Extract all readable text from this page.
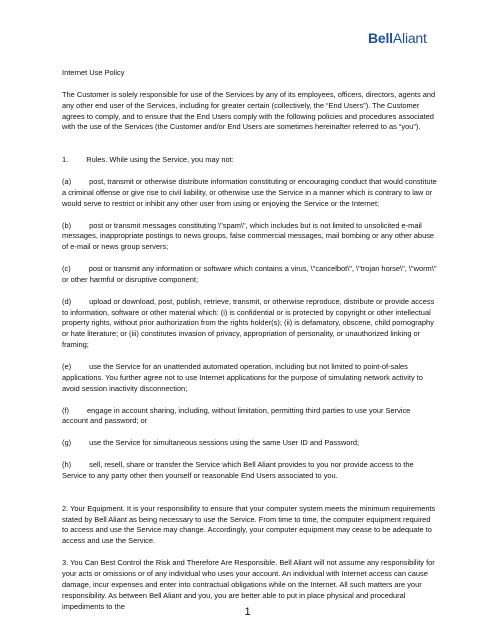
Bell Aliant

Internet Use Policy

The Customer is solely responsible for use of the Services by any of its employees, officers, directors, agents and any other end user of the Services, including for greater certain (collectively, the “End Users”). The Customer agrees to comply, and to ensure that the End Users comply with the following policies and procedures associated with the use of the Services (the Customer and/or End Users are sometimes hereinafter referred to as “you”).

1. Rules. While using the Service, you may not:

(a) post, transmit or otherwise distribute information constituting or encouraging conduct that would constitute a criminal offense or give rise to civil liability, or otherwise use the Service in a manner which is contrary to law or would serve to restrict or inhibit any other user from using or enjoying the Service or the Internet;

(b) post or transmit messages constituting \"spam\", which includes but is not limited to unsolicited e-mail messages, inappropriate postings to news groups, false commercial messages, mail bombing or any other abuse of e-mail or news group servers;

(c) post or transmit any information or software which contains a virus, \"cancelbot\", \"trojan horse\", \"worm\" or other harmful or disruptive component;

(d) upload or download, post, publish, retrieve, transmit, or otherwise reproduce, distribute or provide access to information, software or other material which: (i) is confidential or is protected by copyright or other intellectual property rights, without prior authorization from the rights holder(s); (ii) is defamatory, obscene, child pornography or hate literature; or (iii) constitutes invasion of privacy, appropriation of personality, or unauthorized linking or framing;

(e) use the Service for an unattended automated operation, including but not limited to point-of-sales applications. You further agree not to use Internet applications for the purpose of simulating network activity to avoid session inactivity disconnection;

(f) engage in account sharing, including, without limitation, permitting third parties to use your Service account and password; or

(g) use the Service for simultaneous sessions using the same User ID and Password;

(h) sell, resell, share or transfer the Service which Bell Aliant provides to you nor provide access to the Service to any party other then yourself or reasonable End Users associated to you.

2. Your Equipment. It is your responsibility to ensure that your computer system meets the minimum requirements stated by Bell Aliant as being necessary to use the Service. From time to time, the computer equipment required to access and use the Service may change. Accordingly, your computer equipment may cease to be adequate to access and use the Service.

3. You Can Best Control the Risk and Therefore Are Responsible. Bell Aliant will not assume any responsibility for your acts or omissions or of any individual who uses your account. An individual with Internet access can cause damage, incur expenses and enter into contractual obligations while on the Internet. All such matters are your responsibility. As between Bell Aliant and you, you are better able to put in place physical and procedural impediments to the	1
